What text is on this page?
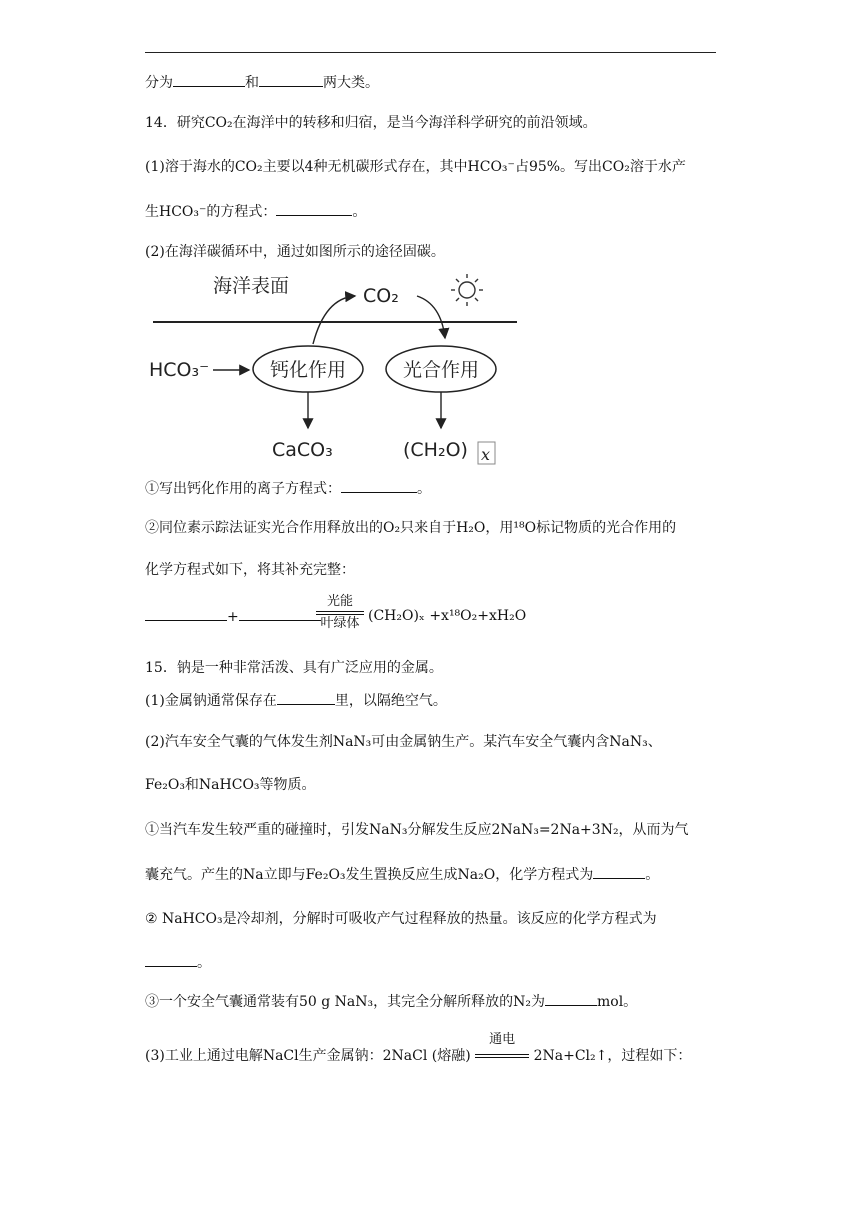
分为	和	两大类。
14．研究CO₂在海洋中的转移和归宿，是当今海洋科学研究的前沿领域。
(1)溶于海水的CO₂主要以4种无机碳形式存在，其中HCO₃⁻占95%。写出CO₂溶于水产
生HCO₃⁻的方程式：	。
(2)在海洋碳循环中，通过如图所示的途径固碳。
海洋表面	CO₂
HCO₃⁻	钙化作用	光合作用
CaCO₃	(CH₂O) x
①写出钙化作用的离子方程式：	。
②同位素示踪法证实光合作用释放出的O₂只来自于H₂O，用¹⁸O标记物质的光合作用的
化学方程式如下，将其补充完整：
+
光能
叶绿体 (CH₂O)ₓ +x¹⁸O₂+xH₂O
15．钠是一种非常活泼、具有广泛应用的金属。
(1)金属钠通常保存在	里，以隔绝空气。
(2)汽车安全气囊的气体发生剂NaN₃可由金属钠生产。某汽车安全气囊内含NaN₃、
Fe₂O₃和NaHCO₃等物质。
①当汽车发生较严重的碰撞时，引发NaN₃分解发生反应2NaN₃=2Na+3N₂，从而为气
囊充气。产生的Na立即与Fe₂O₃发生置换反应生成Na₂O，化学方程式为	。
② NaHCO₃是冷却剂，分解时可吸收产气过程释放的热量。该反应的化学方程式为
。
③一个安全气囊通常装有50 g NaN₃，其完全分解所释放的N₂为	mol。
(3)工业上通过电解NaCl生产金属钠：2NaCl (熔融)
通电
2Na+Cl₂↑，过程如下：
